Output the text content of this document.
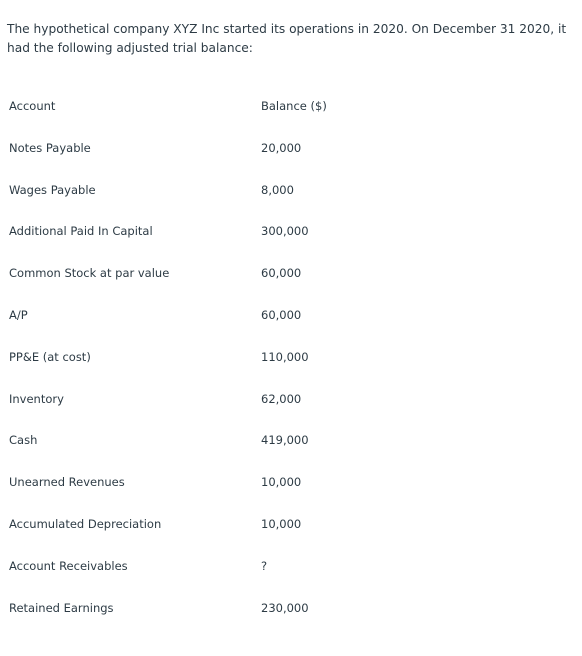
The hypothetical company XYZ Inc started its operations in 2020. On December 31 2020, it had the following adjusted trial balance:

Account	Balance ($)
Notes Payable	20,000
Wages Payable	8,000
Additional Paid In Capital	300,000
Common Stock at par value	60,000
A/P	60,000
PP&E (at cost)	110,000
Inventory	62,000
Cash	419,000
Unearned Revenues	10,000
Accumulated Depreciation	10,000
Account Receivables	?
Retained Earnings	230,000
